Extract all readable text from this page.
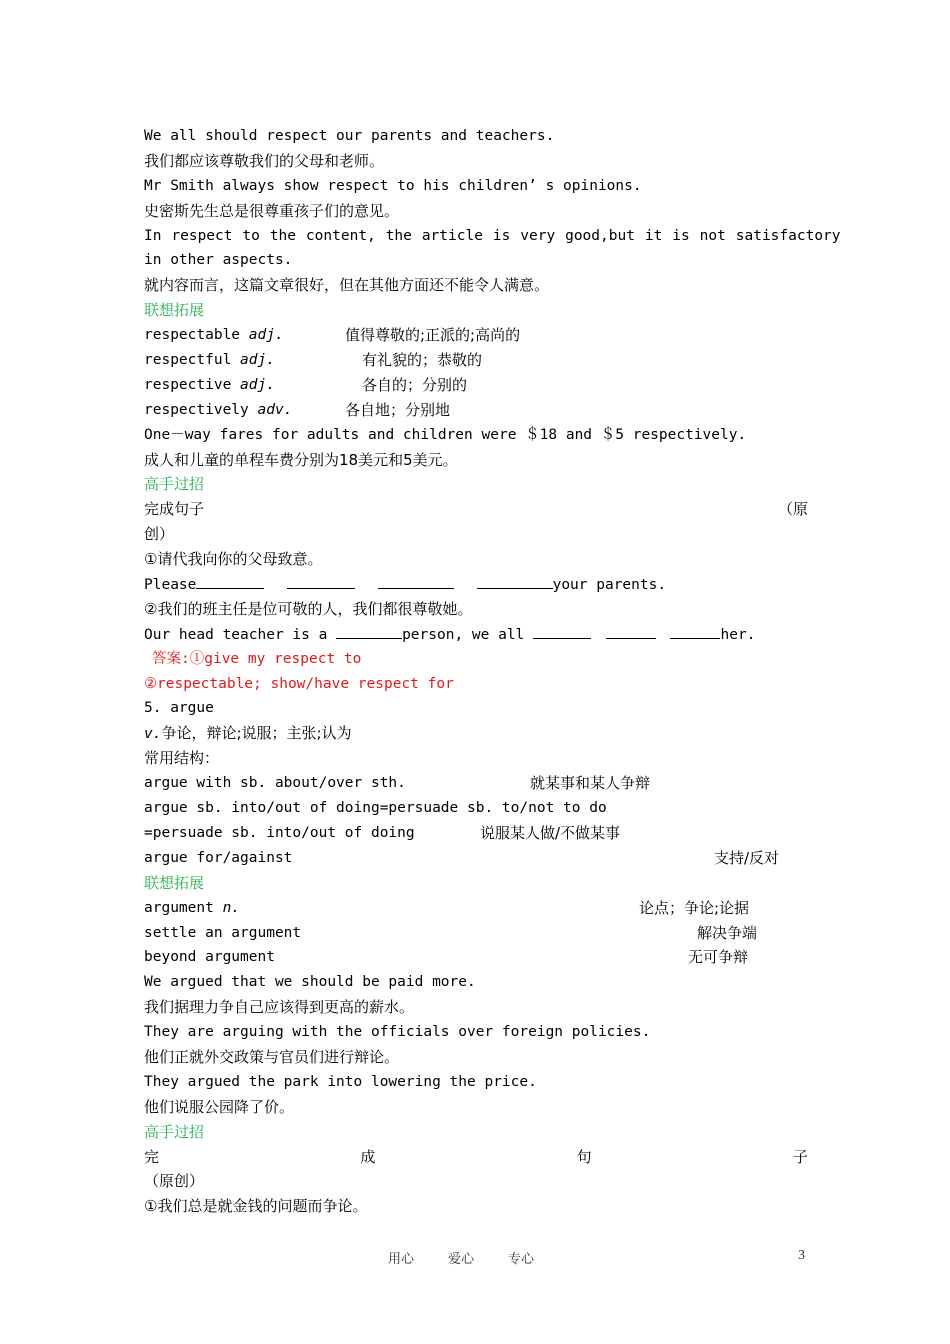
We all should respect our parents and teachers.
我们都应该尊敬我们的父母和老师。
Mr Smith always show respect to his children’ s opinions.
史密斯先生总是很尊重孩子们的意见。
In respect to the content, the article is very good,but it is not satisfactory
in other aspects.
就内容而言，这篇文章很好，但在其他方面还不能令人满意。
联想拓展
respectable adj.	值得尊敬的;正派的;高尚的
respectful adj.	有礼貌的；恭敬的
respective adj.	各自的；分别的
respectively adv.	各自地；分别地
One－way fares for adults and children were ＄18 and ＄5 respectively.
成人和儿童的单程车费分别为18美元和5美元。
高手过招
完成句子	（原
创）
①请代我向你的父母致意。
Please	your parents.
②我们的班主任是位可敬的人，我们都很尊敬她。
Our head teacher is a	person, we all	her.
答案:①give my respect to
②respectable; show/have respect for
5. argue
v.争论，辩论;说服；主张;认为
常用结构：
argue with sb. about/over sth.	就某事和某人争辩
argue sb. into/out of doing=persuade sb. to/not to do
=persuade sb. into/out of doing	说服某人做/不做某事
argue for/against	支持/反对
联想拓展
argument n.	论点；争论;论据
settle an argument	解决争端
beyond argument	无可争辩
We argued that we should be paid more.
我们据理力争自己应该得到更高的薪水。
They are arguing with the officials over foreign policies.
他们正就外交政策与官员们进行辩论。
They argued the park into lowering the price.
他们说服公园降了价。
高手过招
完	成	句	子
（原创）
①我们总是就金钱的问题而争论。
用心	爱心	专心	3
